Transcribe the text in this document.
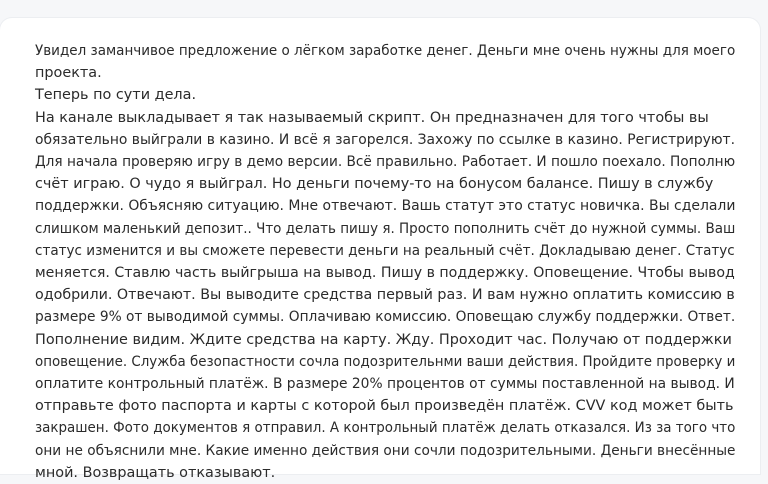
Увидел заманчивое предложение о лёгком заработке денег. Деньги мне очень нужны для моего
проекта.
Теперь по сути дела.
На канале выкладывает я так называемый скрипт. Он предназначен для того чтобы вы
обязательно выйграли в казино. И всё я загорелся. Захожу по ссылке в казино. Регистрируют.
Для начала проверяю игру в демо версии. Всё правильно. Работает. И пошло поехало. Пополню
счёт играю. О чудо я выйграл. Но деньги почему-то на бонусом балансе. Пишу в службу
поддержки. Объясняю ситуацию. Мне отвечают. Вашь статут это статус новичка. Вы сделали
слишком маленький депозит.. Что делать пишу я. Просто пополнить счёт до нужной суммы. Ваш
статус изменится и вы сможете перевести деньги на реальный счёт. Докладываю денег. Статус
меняется. Ставлю часть выйгрыша на вывод. Пишу в поддержку. Оповещение. Чтобы вывод
одобрили. Отвечают. Вы выводите средства первый раз. И вам нужно оплатить комиссию в
размере 9% от выводимой суммы. Оплачиваю комиссию. Оповещаю службу поддержки. Ответ.
Пополнение видим. Ждите средства на карту. Жду. Проходит час. Получаю от поддержки
оповещение. Служба безопастности сочла подозрительнми ваши действия. Пройдите проверку и
оплатите контрольный платёж. В размере 20% процентов от суммы поставленной на вывод. И
отправьте фото паспорта и карты с которой был произведён платёж. CVV код может быть
закрашен. Фото документов я отправил. А контрольный платёж делать отказался. Из за того что
они не объяснили мне. Какие именно действия они сочли подозрительными. Деньги внесённые
мной. Возвращать отказывают.
